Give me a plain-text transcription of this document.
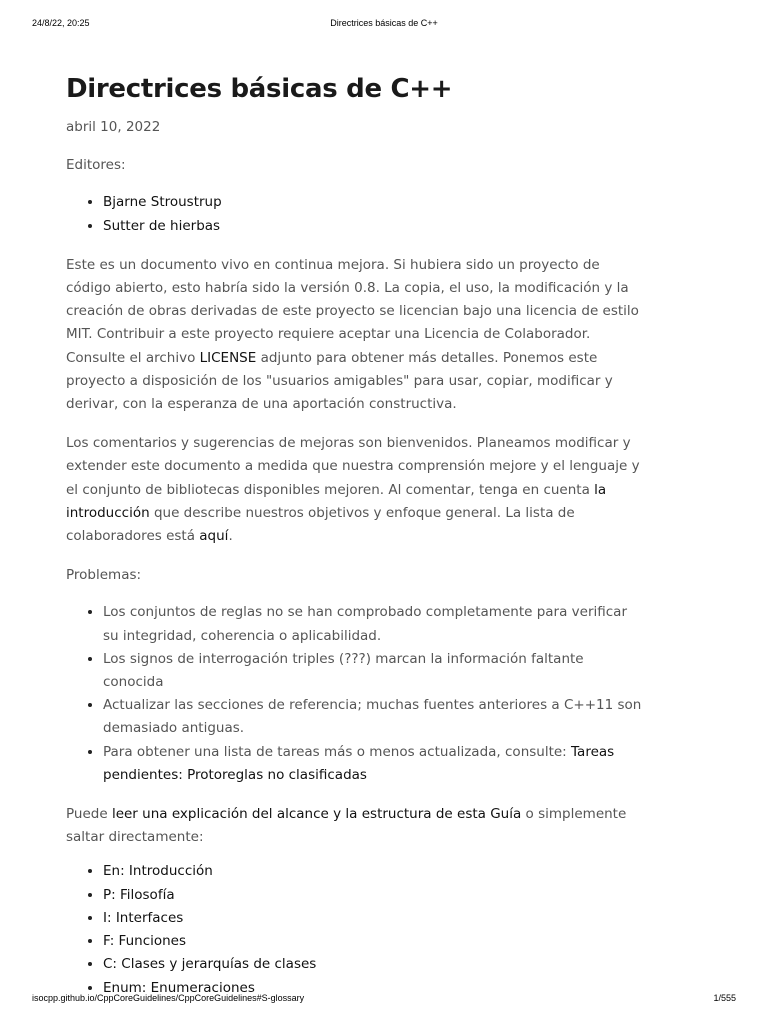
24/8/22, 20:25	Directrices básicas de C++
Directrices básicas de C++
abril 10, 2022

Editores:

• Bjarne Stroustrup
• Sutter de hierbas

Este es un documento vivo en continua mejora. Si hubiera sido un proyecto de código abierto, esto habría sido la versión 0.8. La copia, el uso, la modificación y la creación de obras derivadas de este proyecto se licencian bajo una licencia de estilo MIT. Contribuir a este proyecto requiere aceptar una Licencia de Colaborador. Consulte el archivo LICENSE adjunto para obtener más detalles. Ponemos este proyecto a disposición de los "usuarios amigables" para usar, copiar, modificar y derivar, con la esperanza de una aportación constructiva.

Los comentarios y sugerencias de mejoras son bienvenidos. Planeamos modificar y extender este documento a medida que nuestra comprensión mejore y el lenguaje y el conjunto de bibliotecas disponibles mejoren. Al comentar, tenga en cuenta la introducción que describe nuestros objetivos y enfoque general. La lista de colaboradores está aquí.

Problemas:

• Los conjuntos de reglas no se han comprobado completamente para verificar su integridad, coherencia o aplicabilidad.
• Los signos de interrogación triples (???) marcan la información faltante conocida
• Actualizar las secciones de referencia; muchas fuentes anteriores a C++11 son demasiado antiguas.
• Para obtener una lista de tareas más o menos actualizada, consulte: Tareas pendientes: Protoreglas no clasificadas

Puede leer una explicación del alcance y la estructura de esta Guía o simplemente saltar directamente:

• En: Introducción
• P: Filosofía
• I: Interfaces
• F: Funciones
• C: Clases y jerarquías de clases
• Enum: Enumeraciones
isocpp.github.io/CppCoreGuidelines/CppCoreGuidelines#S-glossary	1/555
